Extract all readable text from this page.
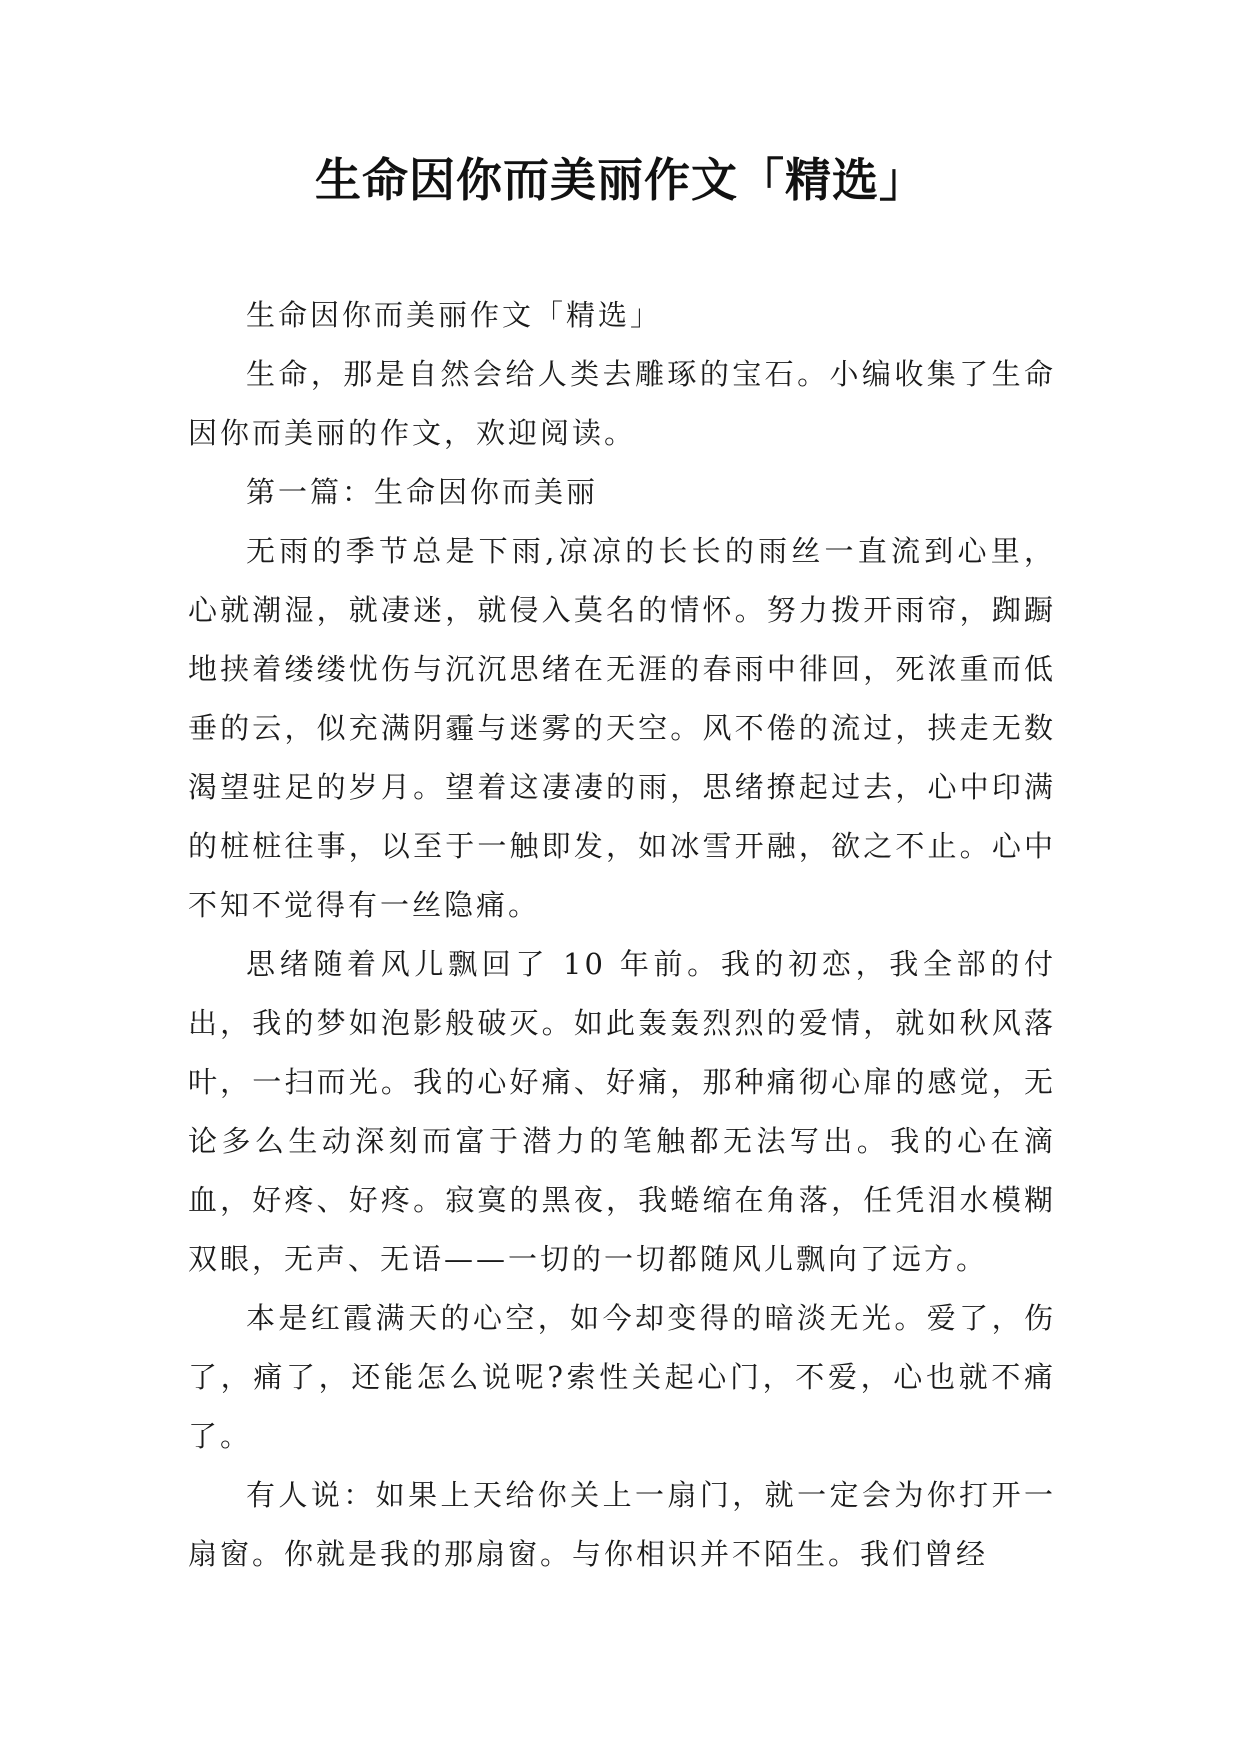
生命因你而美丽作文「精选」

生命因你而美丽作文「精选」

生命，那是自然会给人类去雕琢的宝石。小编收集了生命因你而美丽的作文，欢迎阅读。

第一篇：生命因你而美丽

无雨的季节总是下雨,凉凉的长长的雨丝一直流到心里，心就潮湿，就凄迷，就侵入莫名的情怀。努力拨开雨帘，踟蹰地挟着缕缕忧伤与沉沉思绪在无涯的春雨中徘回，死浓重而低垂的云，似充满阴霾与迷雾的天空。风不倦的流过，挟走无数渴望驻足的岁月。望着这凄凄的雨，思绪撩起过去，心中印满的桩桩往事，以至于一触即发，如冰雪开融，欲之不止。心中不知不觉得有一丝隐痛。

思绪随着风儿飘回了 10 年前。我的初恋，我全部的付出，我的梦如泡影般破灭。如此轰轰烈烈的爱情，就如秋风落叶，一扫而光。我的心好痛、好痛，那种痛彻心扉的感觉，无论多么生动深刻而富于潜力的笔触都无法写出。我的心在滴血，好疼、好疼。寂寞的黑夜，我蜷缩在角落，任凭泪水模糊双眼，无声、无语——一切的一切都随风儿飘向了远方。

本是红霞满天的心空，如今却变得的暗淡无光。爱了，伤了，痛了，还能怎么说呢?索性关起心门，不爱，心也就不痛了。

有人说：如果上天给你关上一扇门，就一定会为你打开一扇窗。你就是我的那扇窗。与你相识并不陌生。我们曾经
